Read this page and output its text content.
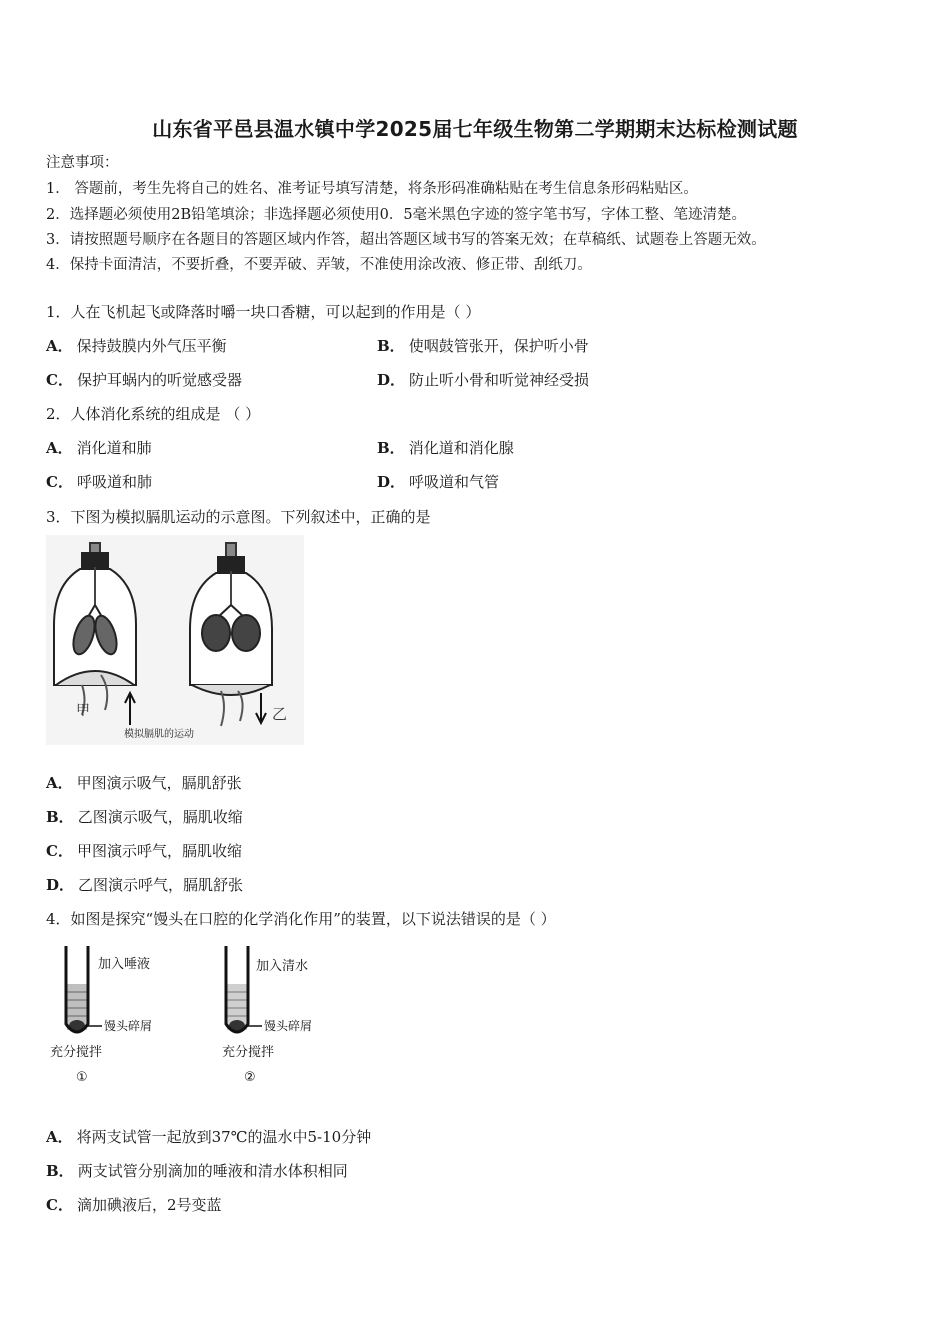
山东省平邑县温水镇中学2025届七年级生物第二学期期末达标检测试题
注意事项：
1． 答题前，考生先将自己的姓名、准考证号填写清楚，将条形码准确粘贴在考生信息条形码粘贴区。
2．选择题必须使用2B铅笔填涂；非选择题必须使用0．5毫米黑色字迹的签字笔书写，字体工整、笔迹清楚。
3．请按照题号顺序在各题目的答题区域内作答，超出答题区域书写的答案无效；在草稿纸、试题卷上答题无效。
4．保持卡面清洁，不要折叠，不要弄破、弄皱，不准使用涂改液、修正带、刮纸刀。
1．人在飞机起飞或降落时嚼一块口香糖，可以起到的作用是（ ）
A． 保持鼓膜内外气压平衡	B． 使咽鼓管张开，保护听小骨
C． 保护耳蜗内的听觉感受器	D． 防止听小骨和听觉神经受损
2．人体消化系统的组成是 （ ）
A． 消化道和肺	B． 消化道和消化腺
C． 呼吸道和肺	D． 呼吸道和气管
3．下图为模拟膈肌运动的示意图。下列叙述中，正确的是
甲	乙
模拟膈肌的运动
A． 甲图演示吸气，膈肌舒张
B． 乙图演示吸气，膈肌收缩
C． 甲图演示呼气，膈肌收缩
D． 乙图演示呼气，膈肌舒张
4．如图是探究“馒头在口腔的化学消化作用”的装置，以下说法错误的是（ ）
加入唾液
馒头碎屑
充分搅拌
①
加入清水
馒头碎屑
充分搅拌
②
A． 将两支试管一起放到37℃的温水中5-10分钟
B． 两支试管分别滴加的唾液和清水体积相同
C． 滴加碘液后，2号变蓝
